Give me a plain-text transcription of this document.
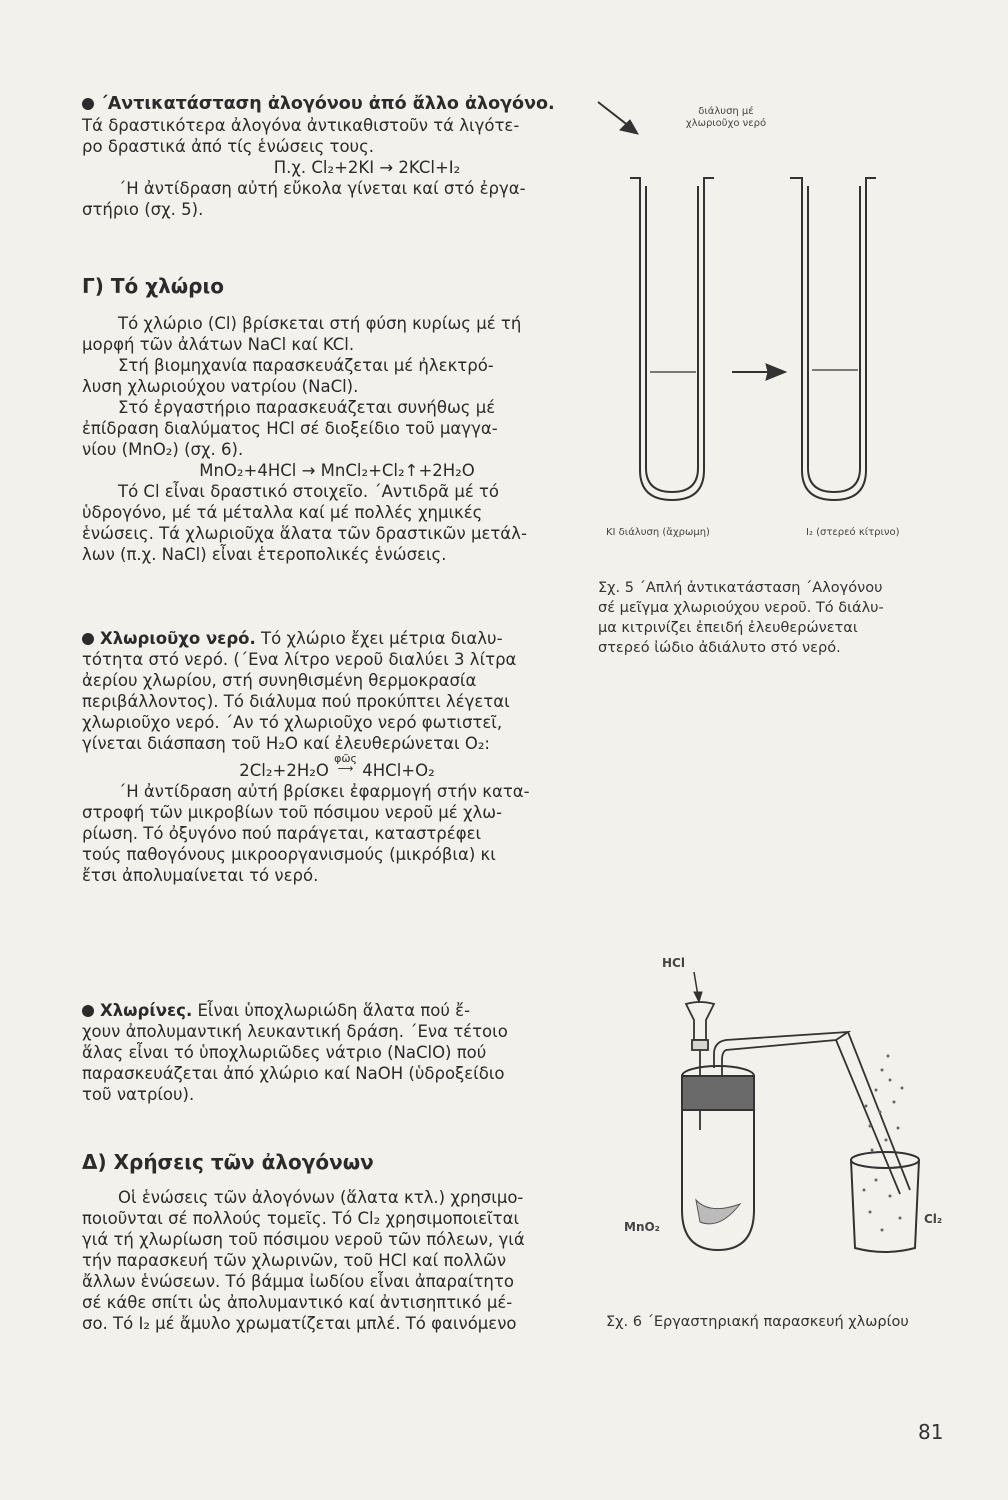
΄Αντικατάσταση ἀλογόνου ἀπό ἄλλο ἀλογόνο.

Τά δραστικότερα ἀλογόνα ἀντικαθιστοῦν τά λιγότε-

ρο δραστικά ἀπό τίς ἑνώσεις τους.

Π.χ. Cl₂+2KI → 2KCl+I₂

΄Η ἀντίδραση αὐτή εὔκολα γίνεται καί στό ἐργα-

στήριο (σχ. 5).

Γ) Τό χλώριο

Τό χλώριο (Cl) βρίσκεται στή φύση κυρίως μέ τή

μορφή τῶν ἀλάτων NaCl καί KCl.

Στή βιομηχανία παρασκευάζεται μέ ἠλεκτρό-

λυση χλωριούχου νατρίου (NaCl).

Στό ἐργαστήριο παρασκευάζεται συνήθως μέ

ἐπίδραση διαλύματος HCl σέ διοξείδιο τοῦ μαγγα-

νίου (MnO₂) (σχ. 6).

MnO₂+4HCl → MnCl₂+Cl₂↑+2H₂O

Τό Cl εἶναι δραστικό στοιχεῖο. ΄Αντιδρᾶ μέ τό

ὑδρογόνο, μέ τά μέταλλα καί μέ πολλές χημικές

ἑνώσεις. Τά χλωριοῦχα ἅλατα τῶν δραστικῶν μετάλ-

λων (π.χ. NaCl) εἶναι ἑτεροπολικές ἑνώσεις.

Χλωριοῦχο νερό. Τό χλώριο ἔχει μέτρια διαλυ-

τότητα στό νερό. (΄Ενα λίτρο νεροῦ διαλύει 3 λίτρα

ἀερίου χλωρίου, στή συνηθισμένη θερμοκρασία

περιβάλλοντος). Τό διάλυμα πού προκύπτει λέγεται

χλωριοῦχο νερό. ΄Αν τό χλωριοῦχο νερό φωτιστεῖ,

γίνεται διάσπαση τοῦ H₂O καί ἐλευθερώνεται O₂:

2Cl₂+2H₂O φῶς
⟶ 4HCl+O₂

΄Η ἀντίδραση αὐτή βρίσκει ἐφαρμογή στήν κατα-

στροφή τῶν μικροβίων τοῦ πόσιμου νεροῦ μέ χλω-

ρίωση. Τό ὀξυγόνο πού παράγεται, καταστρέφει

τούς παθογόνους μικροοργανισμούς (μικρόβια) κι

ἔτσι ἀπολυμαίνεται τό νερό.

Χλωρίνες. Εἶναι ὑποχλωριώδη ἅλατα πού ἔ-

χουν ἀπολυμαντική λευκαντική δράση. ΄Ενα τέτοιο

ἅλας εἶναι τό ὑποχλωριῶδες νάτριο (NaClO) πού

παρασκευάζεται ἀπό χλώριο καί NaOH (ὑδροξείδιο

τοῦ νατρίου).

Δ) Χρήσεις τῶν ἀλογόνων

Οἱ ἑνώσεις τῶν ἀλογόνων (ἅλατα κτλ.) χρησιμο-

ποιοῦνται σέ πολλούς τομεῖς. Τό Cl₂ χρησιμοποιεῖται

γιά τή χλωρίωση τοῦ πόσιμου νεροῦ τῶν πόλεων, γιά

τήν παρασκευή τῶν χλωρινῶν, τοῦ HCl καί πολλῶν

ἄλλων ἑνώσεων. Τό βάμμα ἰωδίου εἶναι ἀπαραίτητο

σέ κάθε σπίτι ὡς ἀπολυμαντικό καί ἀντισηπτικό μέ-

σο. Τό I₂ μέ ἄμυλο χρωματίζεται μπλέ. Τό φαινόμενο

διάλυση μέ
χλωριοῦχο νερό
KI διάλυση (ἄχρωμη)	I₂ (στερεό κίτρινο)
Σχ. 5 ΄Απλή ἀντικατάσταση ΄Αλογόνου
σέ μεῖγμα χλωριούχου νεροῦ. Τό διάλυ-
μα κιτρινίζει ἐπειδή ἐλευθερώνεται
στερεό ἰώδιο ἀδιάλυτο στό νερό.
HCl
MnO₂
Cl₂
Σχ. 6 ΄Εργαστηριακή παρασκευή χλωρίου
81
